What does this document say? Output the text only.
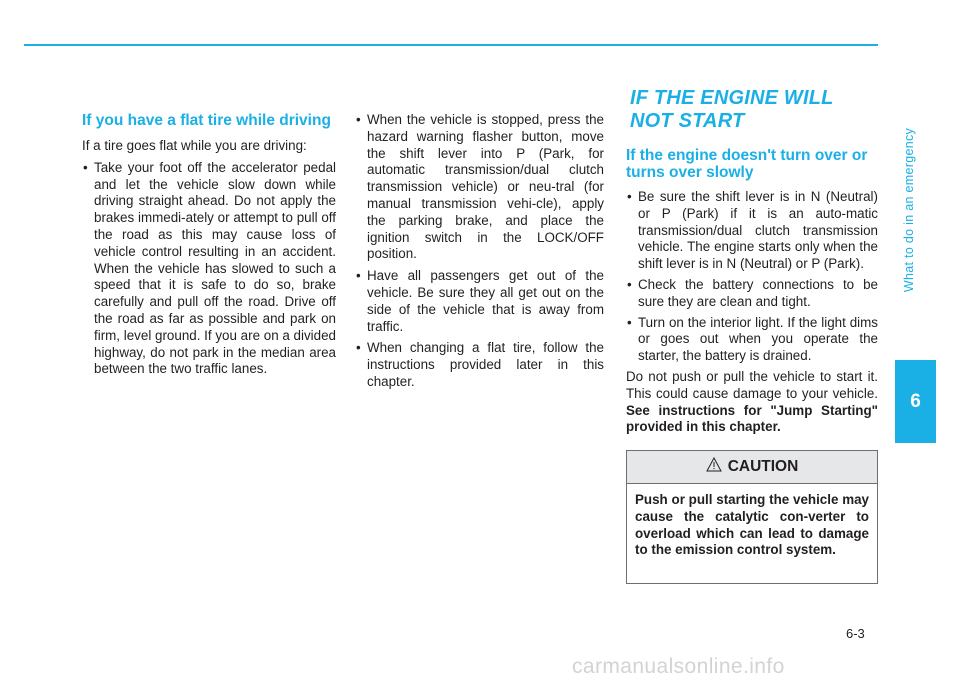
If you have a flat tire while driving

If a tire goes flat while you are driving:

• Take your foot off the accelerator pedal and let the vehicle slow down while driving straight ahead. Do not apply the brakes immedi-ately or attempt to pull off the road as this may cause loss of vehicle control resulting in an accident. When the vehicle has slowed to such a speed that it is safe to do so, brake carefully and pull off the road. Drive off the road as far as possible and park on firm, level ground. If you are on a divided highway, do not park in the median area between the two traffic lanes.
• When the vehicle is stopped, press the hazard warning flasher button, move the shift lever into P (Park, for automatic transmission/dual clutch transmission vehicle) or neu-tral (for manual transmission vehi-cle), apply the parking brake, and place the ignition switch in the LOCK/OFF position.
• Have all passengers get out of the vehicle. Be sure they all get out on the side of the vehicle that is away from traffic.
• When changing a flat tire, follow the instructions provided later in this chapter.
IF THE ENGINE WILL NOT START
If the engine doesn't turn over or turns over slowly
• Be sure the shift lever is in N (Neutral) or P (Park) if it is an auto-matic transmission/dual clutch transmission vehicle. The engine starts only when the shift lever is in N (Neutral) or P (Park).
• Check the battery connections to be sure they are clean and tight.
• Turn on the interior light. If the light dims or goes out when you operate the starter, the battery is drained.

Do not push or pull the vehicle to start it. This could cause damage to your vehicle. See instructions for "Jump Starting" provided in this chapter.

CAUTION
Push or pull starting the vehicle may cause the catalytic con-verter to overload which can lead to damage to the emission control system.
What to do in an emergency
6
6-3
carmanualsonline.info
